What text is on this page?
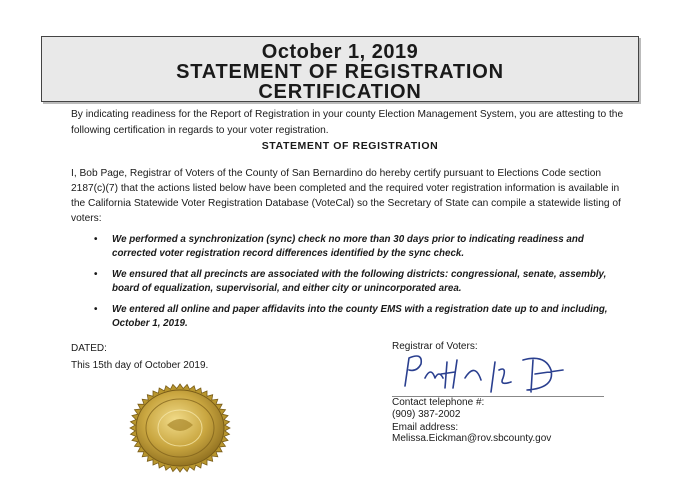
October 1, 2019
STATEMENT OF REGISTRATION
CERTIFICATION
By indicating readiness for the Report of Registration in your county Election Management System, you are attesting to the following certification in regards to your voter registration.
STATEMENT OF REGISTRATION
I, Bob Page, Registrar of Voters of the County of San Bernardino do hereby certify pursuant to Elections Code section 2187(c)(7) that the actions listed below have been completed and the required voter registration information is available in the California Statewide Voter Registration Database (VoteCal) so the Secretary of State can compile a statewide listing of voters:
• We performed a synchronization (sync) check no more than 30 days prior to indicating readiness and corrected voter registration record differences identified by the sync check.
• We ensured that all precincts are associated with the following districts: congressional, senate, assembly, board of equalization, supervisorial, and either city or unincorporated area.
• We entered all online and paper affidavits into the county EMS with a registration date up to and including, October 1, 2019.
DATED:
This 15th day of October 2019.
Registrar of Voters:
Contact telephone #:
(909) 387-2002
Email address:
Melissa.Eickman@rov.sbcounty.gov
